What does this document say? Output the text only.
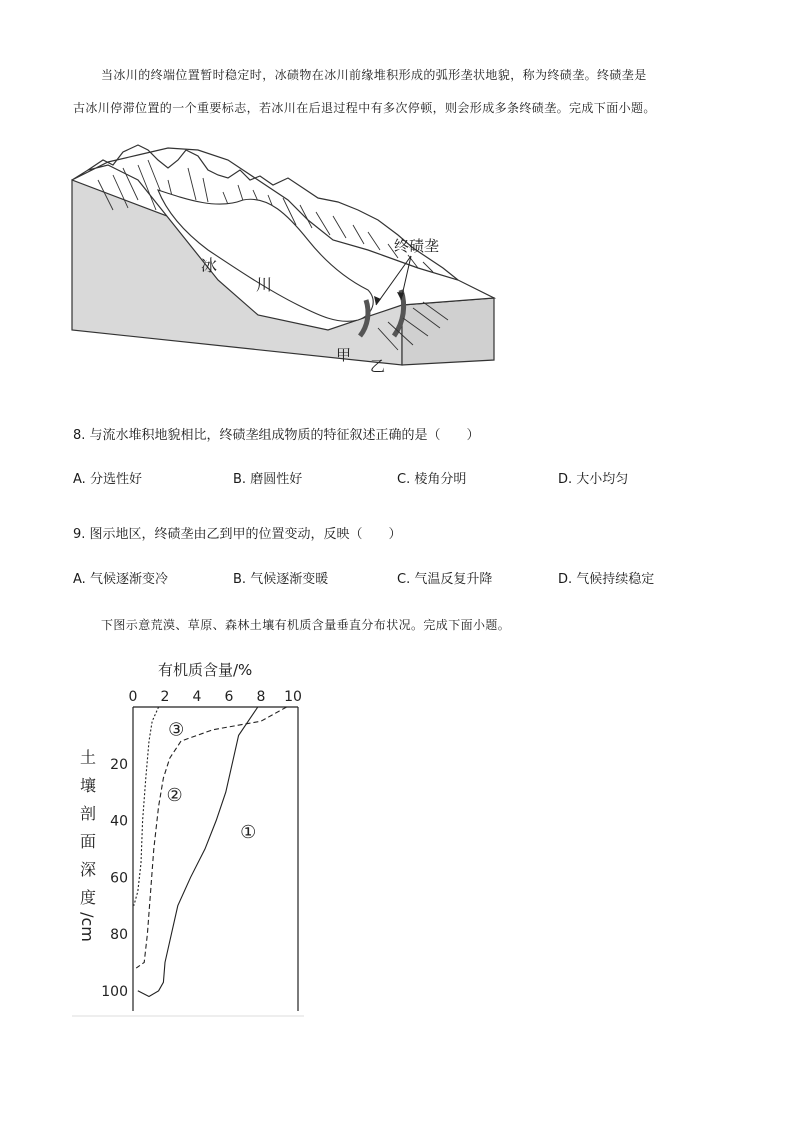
当冰川的终端位置暂时稳定时，冰碛物在冰川前缘堆积形成的弧形垄状地貌，称为终碛垄。终碛垄是
古冰川停滞位置的一个重要标志，若冰川在后退过程中有多次停顿，则会形成多条终碛垄。完成下面小题。
冰
川
终碛垄
甲
乙
8. 与流水堆积地貌相比，终碛垄组成物质的特征叙述正确的是（　　）
A. 分选性好	B. 磨圆性好	C. 棱角分明	D. 大小均匀
9. 图示地区，终碛垄由乙到甲的位置变动，反映（　　）
A. 气候逐渐变冷	B. 气候逐渐变暖	C. 气温反复升降	D. 气候持续稳定
下图示意荒漠、草原、森林土壤有机质含量垂直分布状况。完成下面小题。
有机质含量/%
0 2 4 6 8 10
20
40
60
80
100
土
壤
剖
面
深
度
/cm
①
②
③
